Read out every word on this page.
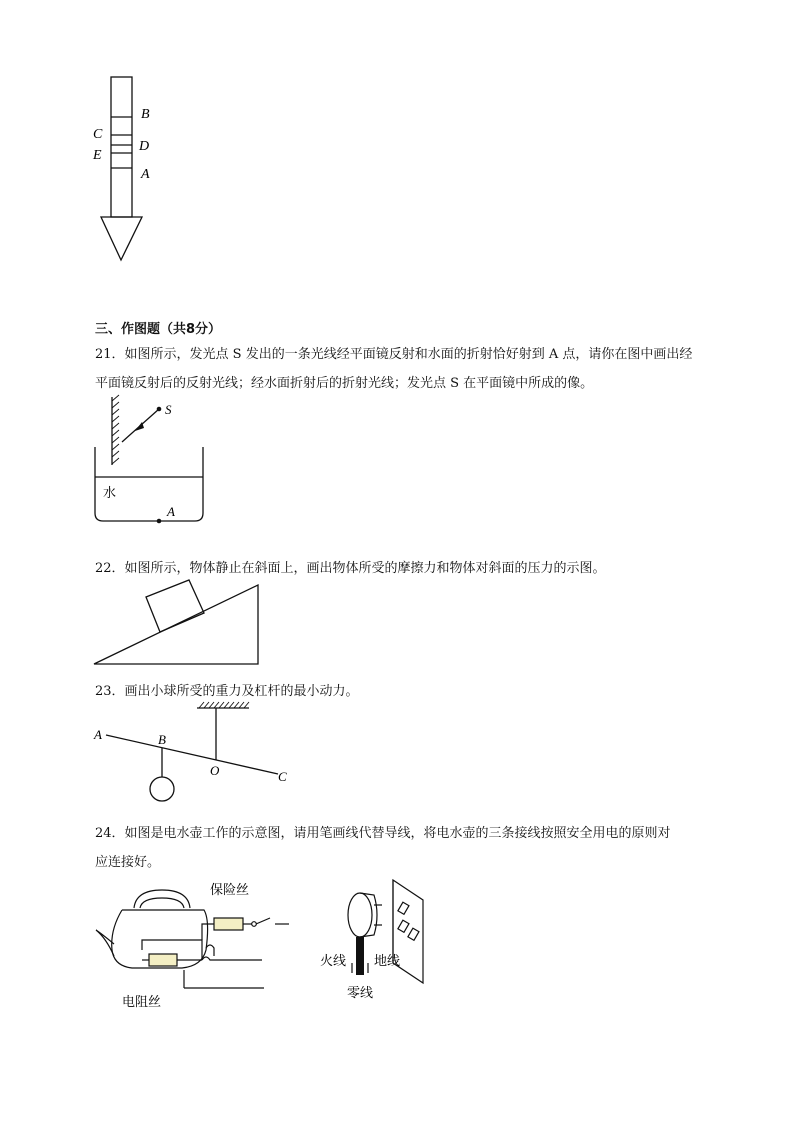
B
C
D
E
A
三、作图题（共8分）
21．如图所示，发光点 S 发出的一条光线经平面镜反射和水面的折射恰好射到 A 点，请你在图中画出经
平面镜反射后的反射光线；经水面折射后的折射光线；发光点 S 在平面镜中所成的像。
S
水
A
22．如图所示，物体静止在斜面上，画出物体所受的摩擦力和物体对斜面的压力的示图。
23．画出小球所受的重力及杠杆的最小动力。
A	B
O	C
24．如图是电水壶工作的示意图，请用笔画线代替导线，将电水壶的三条接线按照安全用电的原则对
应连接好。
保险丝
电阻丝
火线 地线
零线
